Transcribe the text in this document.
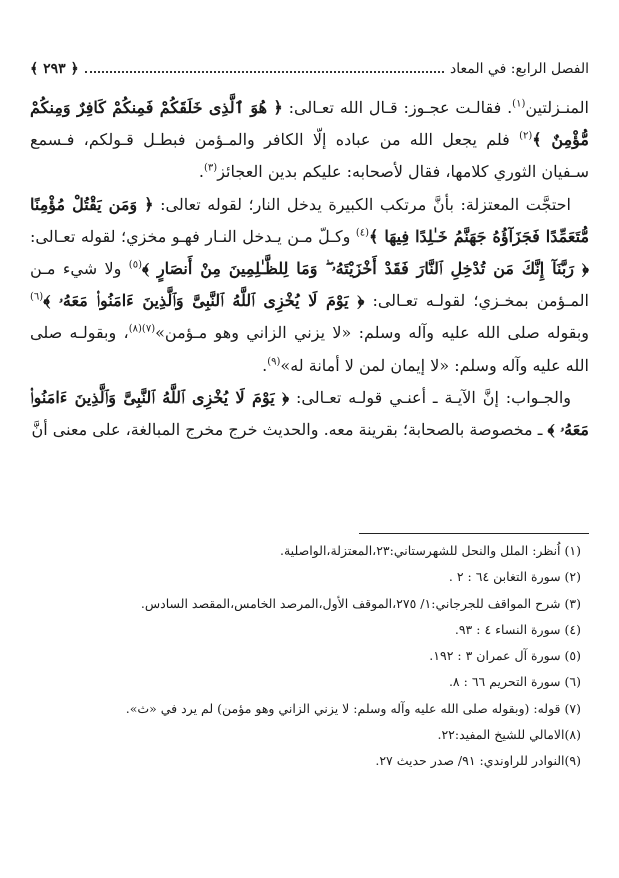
الفصل الرابع: في المعاد
﴿ ٢٩٣ ﴾

المنـزلتين$^{(١)}$. فقالـت عجـوز: قـال الله تعـالى: ﴿ هُوَ ٱلَّذِى خَلَقَكُمْ فَمِنكُمْ كَافِرٌ وَمِنكُمْ مُّؤْمِنٌ ﴾$^{(٢)}$ فلم يجعل الله من عباده إلّا الكافر والمـؤمن فبطـل قـولكم، فـسمع سـفيان الثوري كلامها، فقال لأصحابه: عليكم بدين العجائز$^{(٣)}$.

احتجَّت المعتزلة: بأنَّ مرتكب الكبيرة يدخل النار؛ لقوله تعالى: ﴿ وَمَن يَقْتُلْ مُؤْمِنًا مُّتَعَمِّدًا فَجَزَآؤُهُ جَهَنَّمُ خَـٰلِدًا فِيهَا ﴾$^{(٤)}$ وكـلّ مـن يـدخل النـار فهـو مخزي؛ لقوله تعـالى: ﴿ رَبَّنَآ إِنَّكَ مَن تُدْخِلِ ٱلنَّارَ فَقَدْ أَخْزَيْتَهُۥ ۖ وَمَا لِلظَّـٰلِمِينَ مِنْ أَنصَارٍ ﴾$^{(٥)}$ ولا شيء مـن المـؤمن بمخـزي؛ لقولـه تعـالى: ﴿ يَوْمَ لَا يُخْزِى ٱللَّهُ ٱلنَّبِىَّ وَٱلَّذِينَ ءَامَنُوا۟ مَعَهُۥ ﴾$^{(٦)}$ وبقوله صلى الله عليه وآله وسلم: «لا يزني الزاني وهو مـؤمن»$^{(٧)(٨)}$، وبقولـه صلى الله عليه وآله وسلم: «لا إيمان لمن لا أمانة له»$^{(٩)}$.

والجـواب: إنَّ الآيـة ـ أعنـي قولـه تعـالى: ﴿ يَوْمَ لَا يُخْزِى ٱللَّهُ ٱلنَّبِىَّ وَٱلَّذِينَ ءَامَنُوا۟ مَعَهُۥ ﴾ ـ مخصوصة بالصحابة؛ بقرينة معه. والحديث خرج مخرج المبالغة، على معنى أنَّ

(١) اُنظر: الملل والنحل للشهرستاني:٢٣،المعتزلة،الواصلية.
(٢) سورة التغابن ٦٤ : ٢ .
(٣) شرح المواقف للجرجاني:١/ ٢٧٥،الموقف الأول،المرصد الخامس،المقصد السادس.
(٤) سورة النساء ٤ : ٩٣.
(٥) سورة آل عمران ٣ : ١٩٢.
(٦) سورة التحريم ٦٦ : ٨.
(٧) قوله: (وبقوله صلى الله عليه وآله وسلم: لا يزني الزاني وهو مؤمن) لم يرد في «ث».
(٨)الامالي للشيخ المفيد:٢٢.
(٩)النوادر للراوندي: ٩١/ صدر حديث ٢٧.
